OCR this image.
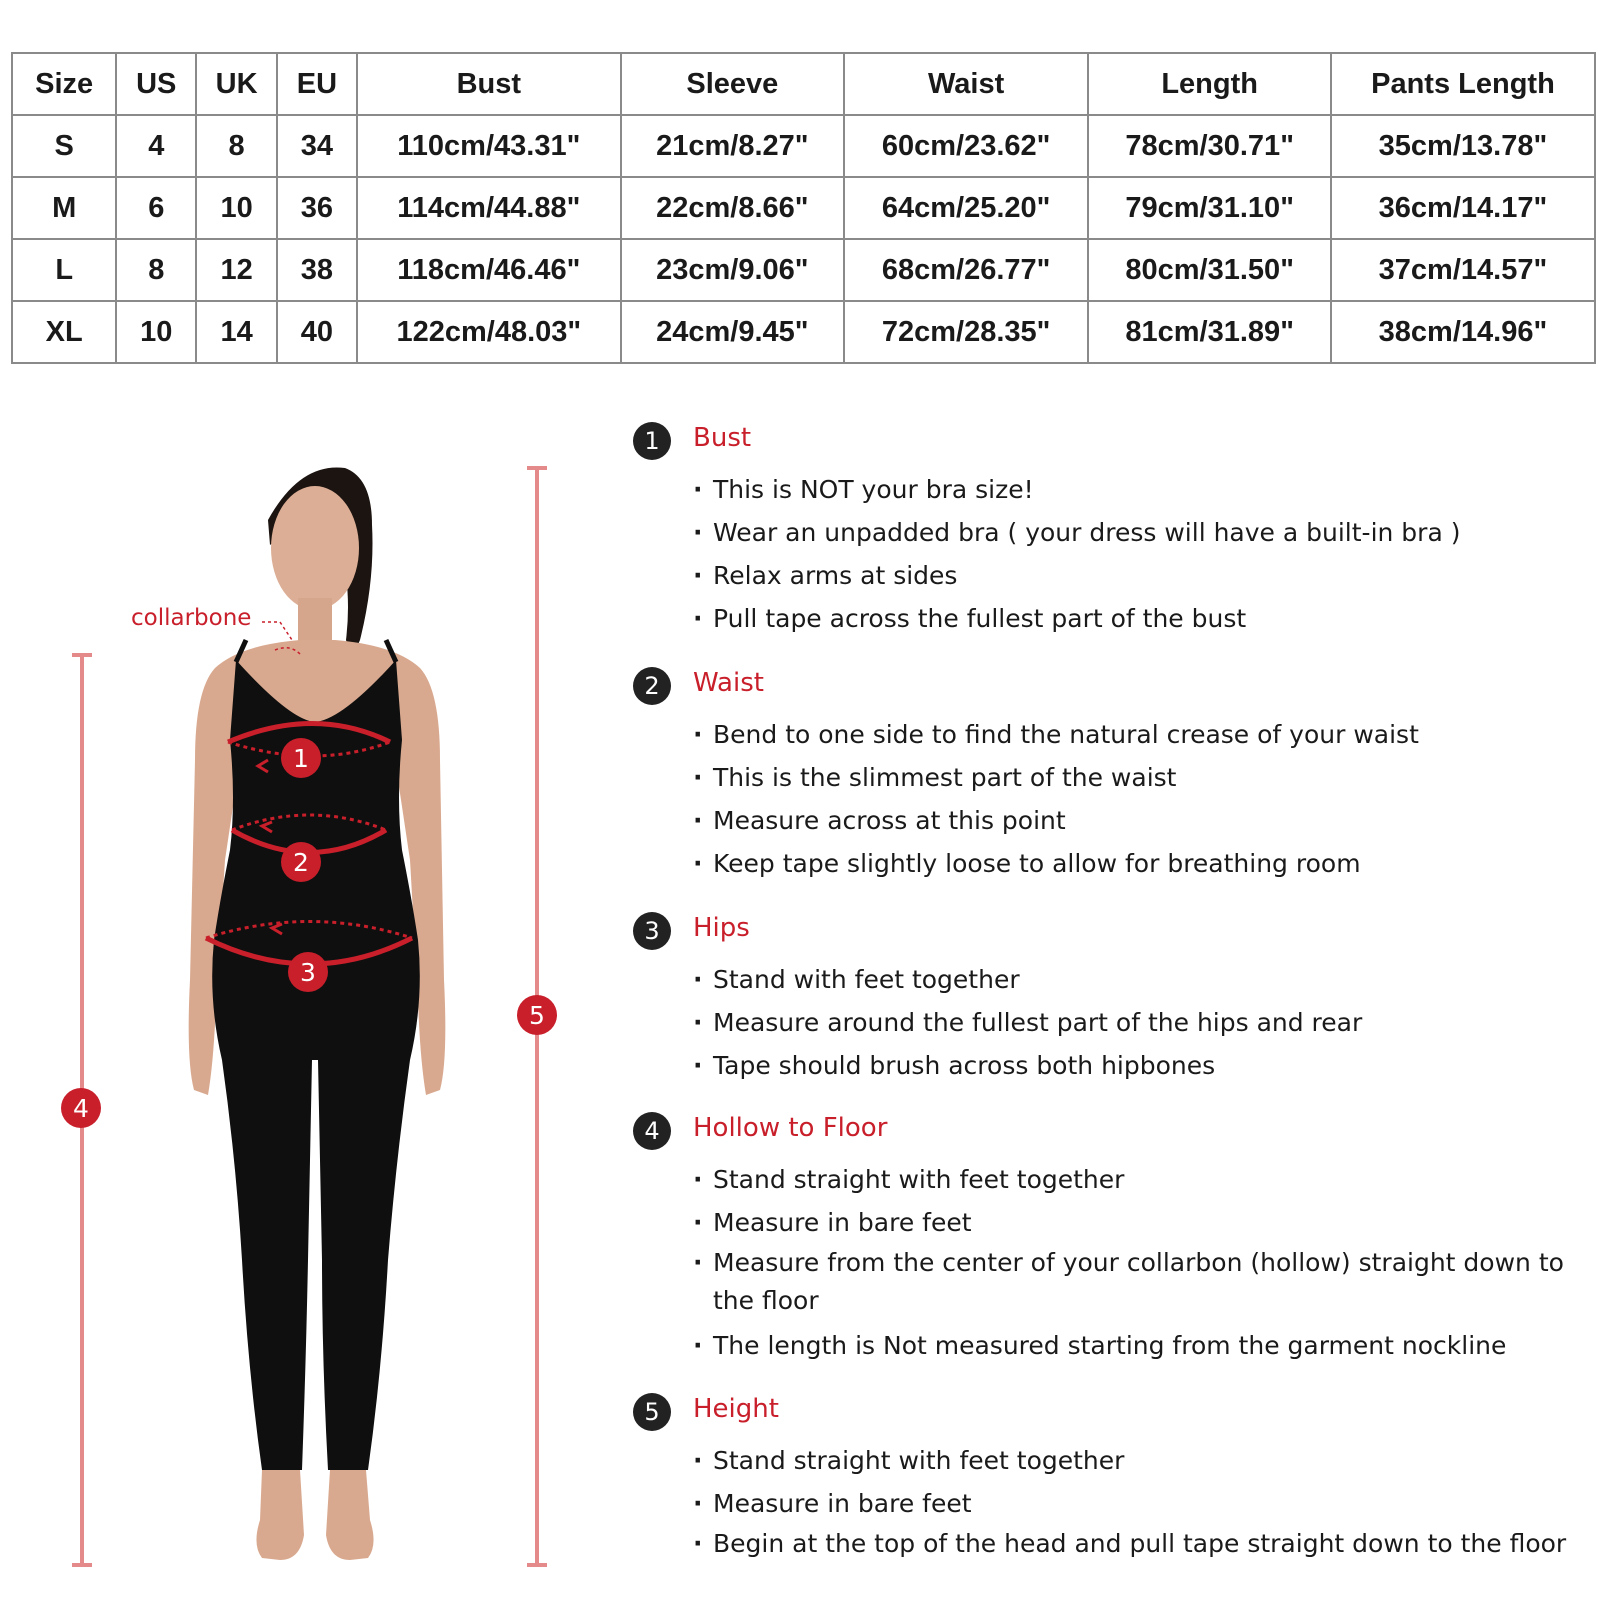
Size	US	UK	EU	Bust	Sleeve	Waist	Length	Pants Length
S	4	8	34	110cm/43.31"	21cm/8.27"	60cm/23.62"	78cm/30.71"	35cm/13.78"
M	6	10	36	114cm/44.88"	22cm/8.66"	64cm/25.20"	79cm/31.10"	36cm/14.17"
L	8	12	38	118cm/46.46"	23cm/9.06"	68cm/26.77"	80cm/31.50"	37cm/14.57"
XL	10	14	40	122cm/48.03"	24cm/9.45"	72cm/28.35"	81cm/31.89"	38cm/14.96"
1
2
3
4
5
collarbone
1	Bust
· This is NOT your bra size!
· Wear an unpadded bra ( your dress will have a built-in bra )
· Relax arms at sides
· Pull tape across the fullest part of the bust
2	Waist
· Bend to one side to find the natural crease of your waist
· This is the slimmest part of the waist
· Measure across at this point
· Keep tape slightly loose to allow for breathing room
3	Hips
· Stand with feet together
· Measure around the fullest part of the hips and rear
· Tape should brush across both hipbones
4	Hollow to Floor
· Stand straight with feet together
· Measure in bare feet
· Measure from the center of your collarbon (hollow) straight down to the floor
· The length is Not measured starting from the garment nockline
5	Height
· Stand straight with feet together
· Measure in bare feet
· Begin at the top of the head and pull tape straight down to the floor
